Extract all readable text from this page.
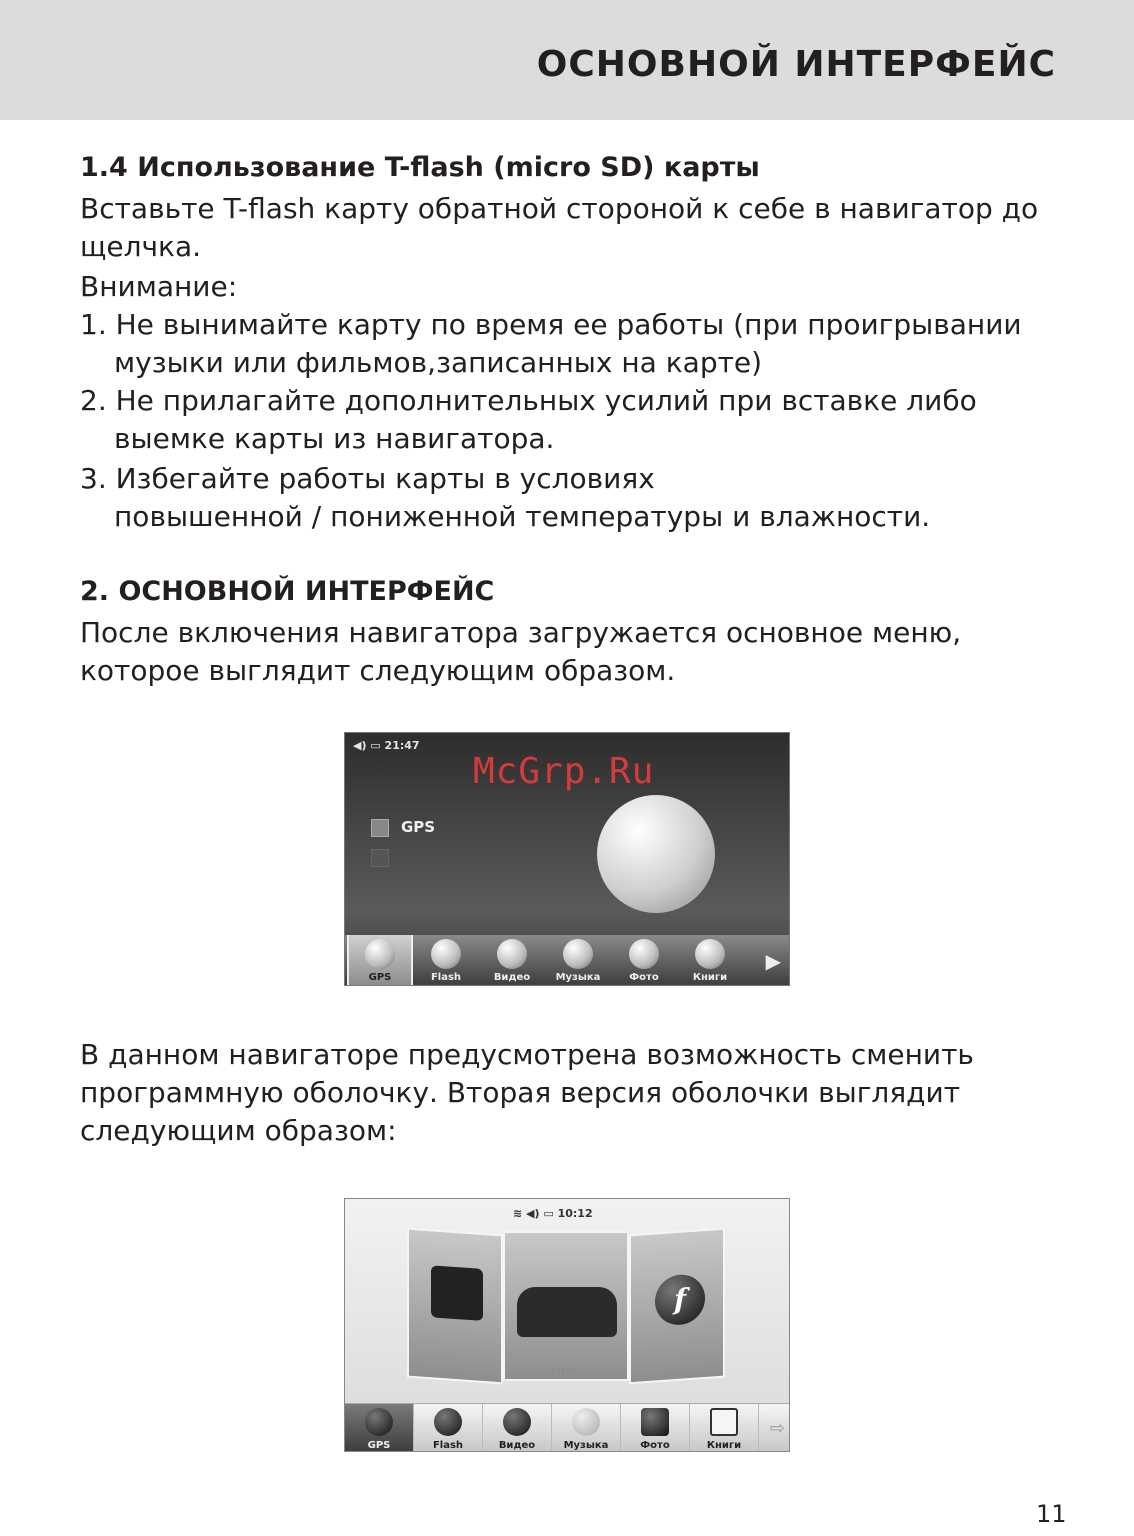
ОСНОВНОЙ ИНТЕРФЕЙС
1.4 Использование T-flash (micro SD) карты
Вставьте T-flash карту обратной стороной к себе в навигатор до
щелчка.
Внимание:
1. Не вынимайте карту по время ее работы (при проигрывании
музыки или фильмов,записанных на карте)
2. Не прилагайте дополнительных усилий при вставке либо
выемке карты из навигатора.
3. Избегайте работы карты в условиях
повышенной / пониженной температуры и влажности.
2. ОСНОВНОЙ ИНТЕРФЕЙС
После включения навигатора загружается основное меню,
которое выглядит следующим образом.
◀) ▭ 21:47
McGrp.Ru
GPS
GPS	Flash	Видео	Музыка	Фото	Книги
▶
В данном навигаторе предусмотрена возможность сменить
программную оболочку. Вторая версия оболочки выглядит
следующим образом:
≋ ◀) ▭ 10:12
f
GPS
GPS	Flash	Видео	Музыка	Фото	Книги
⇨
11
